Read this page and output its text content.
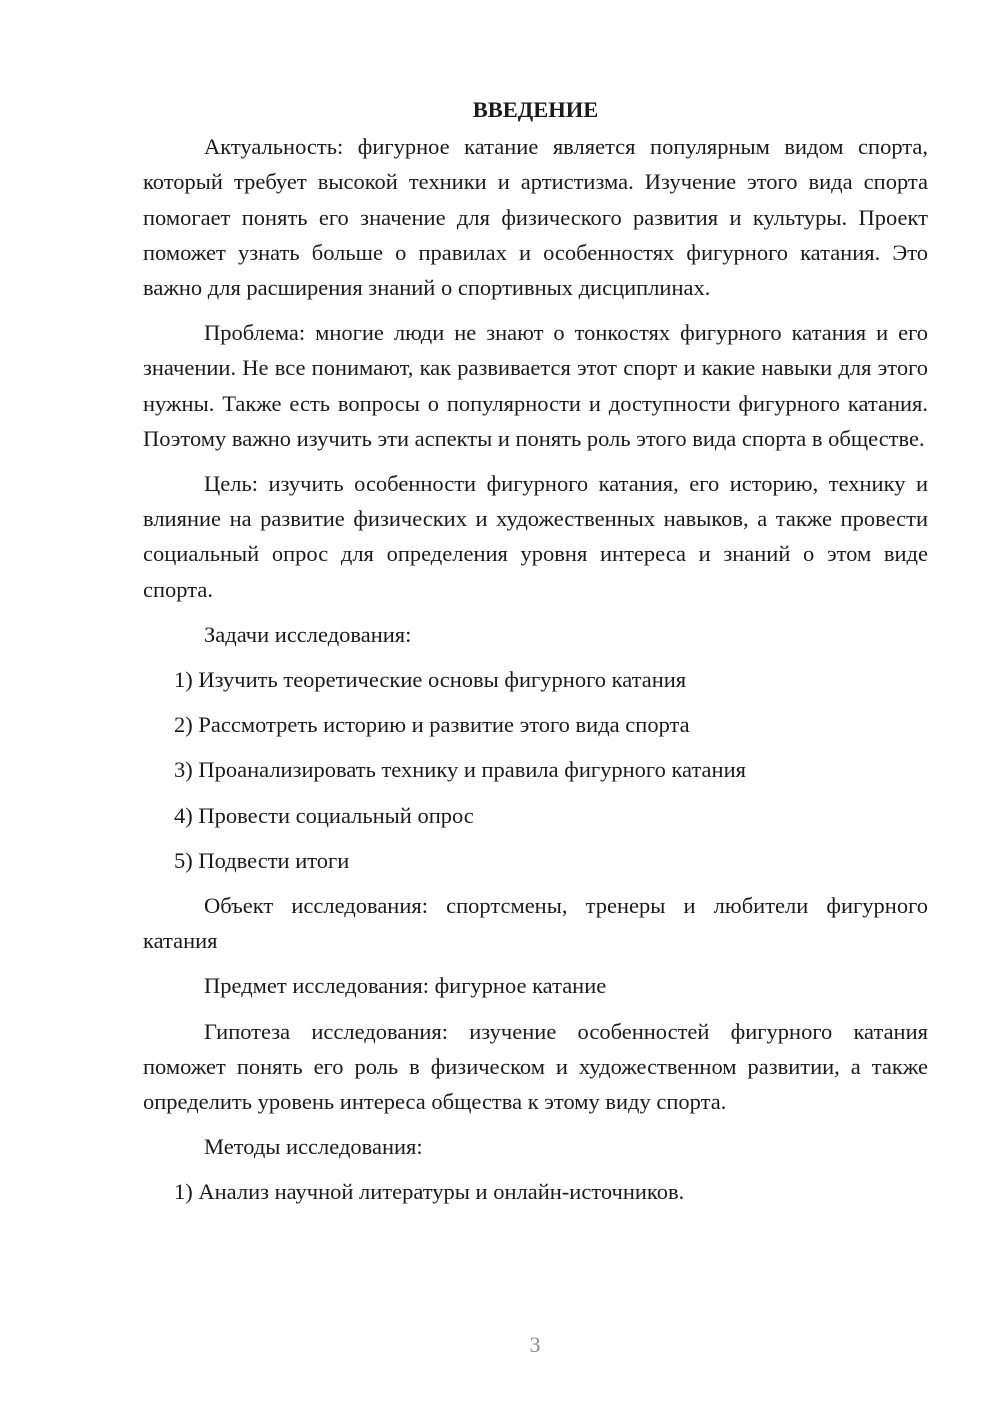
ВВЕДЕНИЕ

Актуальность: фигурное катание является популярным видом спорта, который требует высокой техники и артистизма. Изучение этого вида спорта помогает понять его значение для физического развития и культуры. Проект поможет узнать больше о правилах и особенностях фигурного катания. Это важно для расширения знаний о спортивных дисциплинах.

Проблема: многие люди не знают о тонкостях фигурного катания и его значении. Не все понимают, как развивается этот спорт и какие навыки для этого нужны. Также есть вопросы о популярности и доступности фигурного катания. Поэтому важно изучить эти аспекты и понять роль этого вида спорта в обществе.

Цель: изучить особенности фигурного катания, его историю, технику и влияние на развитие физических и художественных навыков, а также провести социальный опрос для определения уровня интереса и знаний о этом виде спорта.

Задачи исследования:

1) Изучить теоретические основы фигурного катания
2) Рассмотреть историю и развитие этого вида спорта
3) Проанализировать технику и правила фигурного катания
4) Провести социальный опрос
5) Подвести итоги

Объект исследования: спортсмены, тренеры и любители фигурного катания

Предмет исследования: фигурное катание

Гипотеза исследования: изучение особенностей фигурного катания поможет понять его роль в физическом и художественном развитии, а также определить уровень интереса общества к этому виду спорта.

Методы исследования:

1) Анализ научной литературы и онлайн-источников.
3
